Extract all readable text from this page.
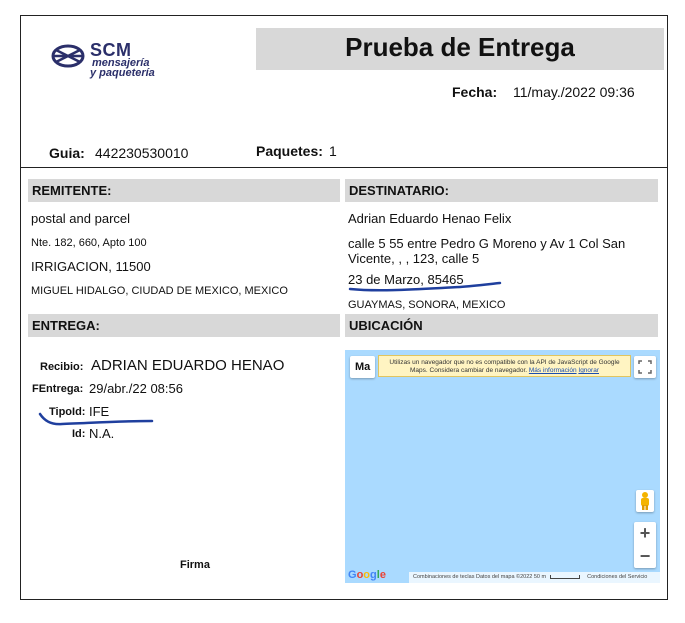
SCM
mensajería
y paquetería
Prueba de Entrega
Fecha: 11/may./2022 09:36
Guia: 442230530010	Paquetes: 1
REMITENTE:
postal and parcel
Nte. 182, 660, Apto 100
IRRIGACION, 11500
MIGUEL HIDALGO, CIUDAD DE MEXICO, MEXICO
DESTINATARIO:
Adrian Eduardo Henao Felix
calle 5 55 entre Pedro G Moreno y Av 1 Col San
Vicente, , , 123, calle 5
23 de Marzo, 85465
GUAYMAS, SONORA, MEXICO
ENTREGA:
Recibio: ADRIAN EDUARDO HENAO
FEntrega: 29/abr./22 08:56
TipoId: IFE
Id: N.A.
Firma
UBICACIÓN
Ma	Utilizas un navegador que no es compatible con la API de JavaScript de Google Maps. Considera cambiar de navegador. Más información Ignorar
+
−
Google	Combinaciones de teclas Datos del mapa ©2022 50 m	Condiciones del Servicio
